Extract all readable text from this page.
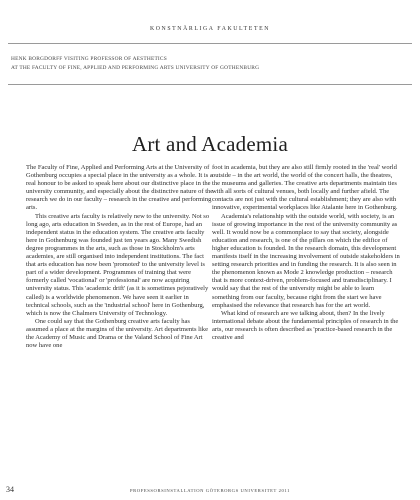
KONSTNÄRLIGA FAKULTETEN
HENK BORGDORFF VISITING PROFESSOR OF AESTHETICS
AT THE FACULTY OF FINE, APPLIED AND PERFORMING ARTS UNIVERSITY OF GOTHENBURG
Art and Academia

The Faculty of Fine, Applied and Performing Arts at the University of Gothenburg occupies a special place in the university as a whole. It is a real honour to be asked to speak here about our distinctive place in the university community, and especially about the distinctive nature of the research we do in our faculty – research in the creative and performing arts.

This creative arts faculty is relatively new to the university. Not so long ago, arts education in Sweden, as in the rest of Europe, had an independent status in the education system. The creative arts faculty here in Gothenburg was founded just ten years ago. Many Swedish degree programmes in the arts, such as those in Stockholm's arts academies, are still organised into independent institutions. The fact that arts education has now been 'promoted' to the university level is part of a wider development. Programmes of training that were formerly called 'vocational' or 'professional' are now acquiring university status. This 'academic drift' (as it is sometimes pejoratively called) is a worldwide phenomenon. We have seen it earlier in technical schools, such as the 'industrial school' here in Gothenburg, which is now the Chalmers University of Technology.

One could say that the Gothenburg creative arts faculty has assumed a place at the margins of the university. Art departments like the Academy of Music and Drama or the Valand School of Fine Art now have one

foot in academia, but they are also still firmly rooted in the 'real' world outside – in the art world, the world of the concert halls, the theatres, the museums and galleries. The creative arts departments maintain ties with all sorts of cultural venues, both locally and further afield. The contacts are not just with the cultural establishment; they are also with innovative, experimental workplaces like Atalante here in Gothenburg.

Academia's relationship with the outside world, with society, is an issue of growing importance in the rest of the university community as well. It would now be a commonplace to say that society, alongside education and research, is one of the pillars on which the edifice of higher education is founded. In the research domain, this development manifests itself in the increasing involvement of outside stakeholders in setting research priorities and in funding the research. It is also seen in the phenomenon known as Mode 2 knowledge production – research that is more context-driven, problem-focused and transdisciplinary. I would say that the rest of the university might be able to learn something from our faculty, because right from the start we have emphasised the relevance that research has for the art world.

What kind of research are we talking about, then? In the lively international debate about the fundamental principles of research in the arts, our research is often described as 'practice-based research in the creative and

34	PROFESSORSINSTALLATION GÖTEBORGS UNIVERSITET 2011
